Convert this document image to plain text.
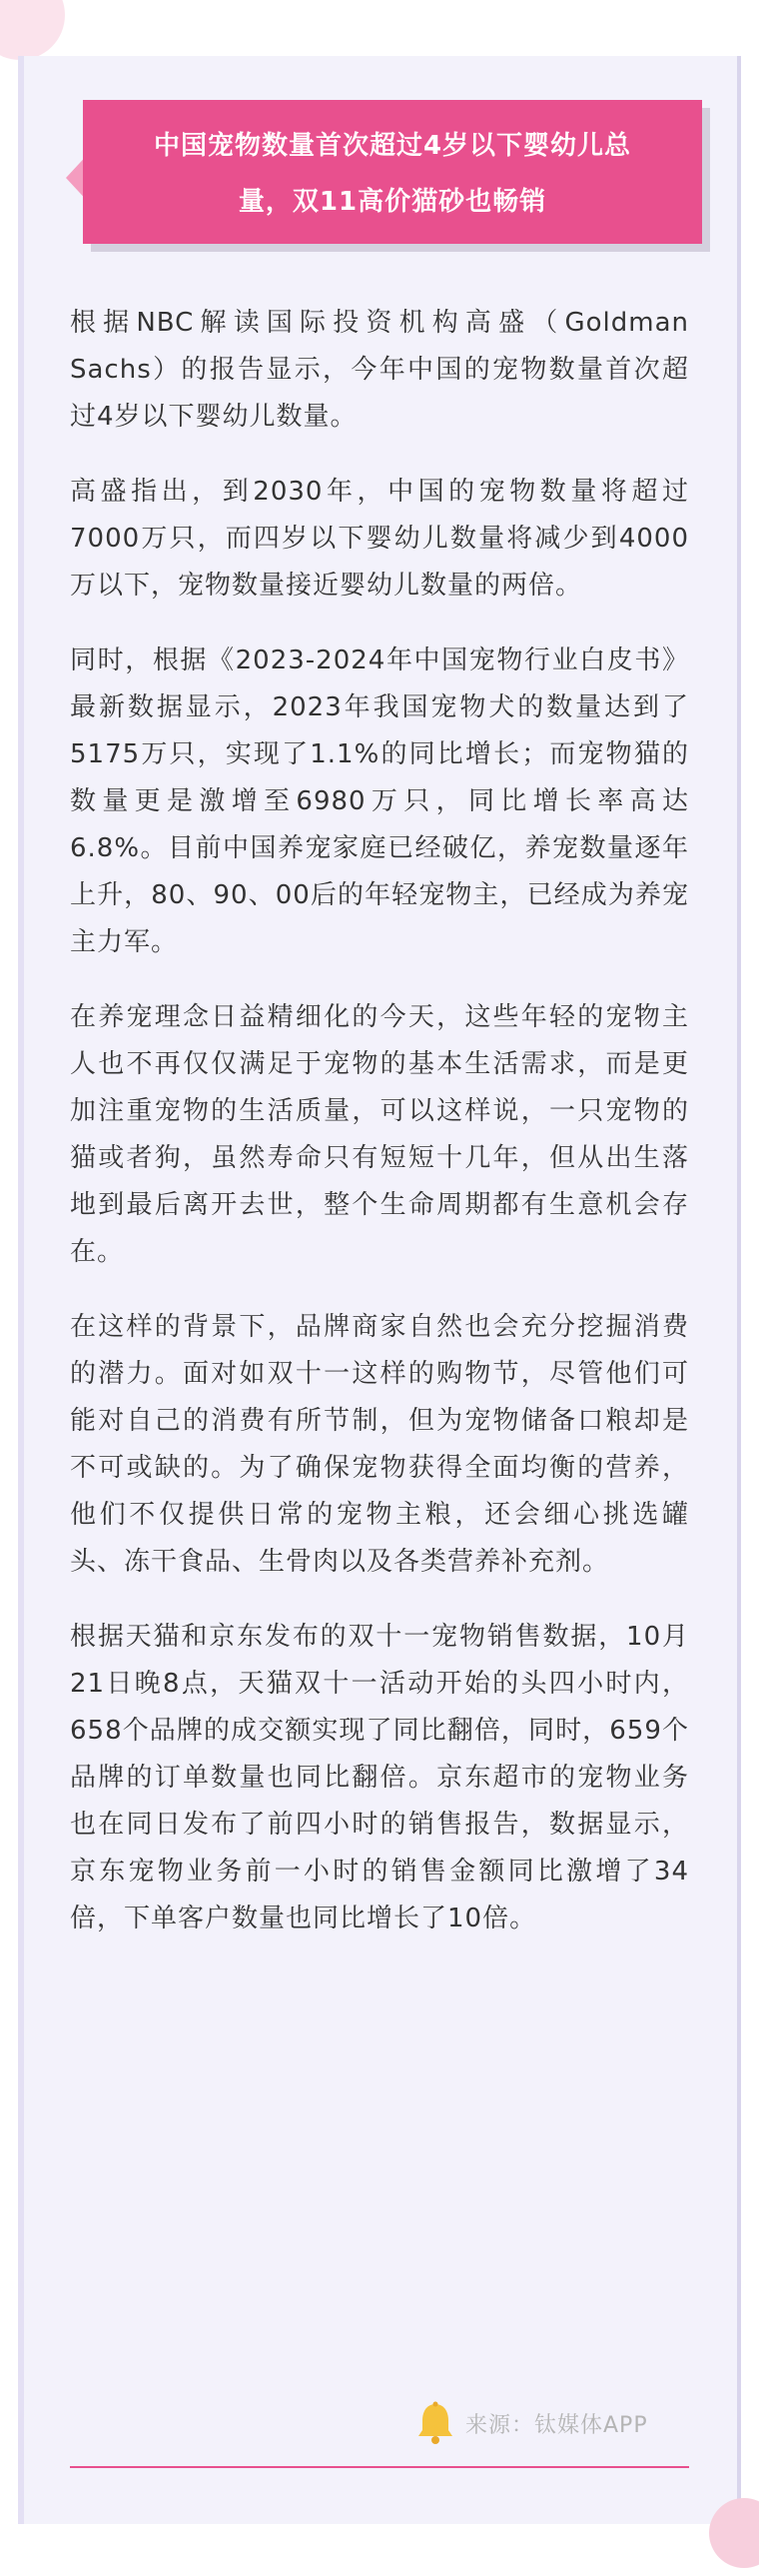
中国宠物数量首次超过4岁以下婴幼儿总量，双11高价猫砂也畅销

根据NBC解读国际投资机构高盛（Goldman Sachs）的报告显示，今年中国的宠物数量首次超过4岁以下婴幼儿数量。

高盛指出，到2030年，中国的宠物数量将超过7000万只，而四岁以下婴幼儿数量将减少到4000万以下，宠物数量接近婴幼儿数量的两倍。

同时，根据《2023-2024年中国宠物行业白皮书》最新数据显示，2023年我国宠物犬的数量达到了5175万只，实现了1.1%的同比增长；而宠物猫的数量更是激增至6980万只，同比增长率高达6.8%。目前中国养宠家庭已经破亿，养宠数量逐年上升，80、90、00后的年轻宠物主，已经成为养宠主力军。

在养宠理念日益精细化的今天，这些年轻的宠物主人也不再仅仅满足于宠物的基本生活需求，而是更加注重宠物的生活质量，可以这样说，一只宠物的猫或者狗，虽然寿命只有短短十几年，但从出生落地到最后离开去世，整个生命周期都有生意机会存在。

在这样的背景下，品牌商家自然也会充分挖掘消费的潜力。面对如双十一这样的购物节，尽管他们可能对自己的消费有所节制，但为宠物储备口粮却是不可或缺的。为了确保宠物获得全面均衡的营养，他们不仅提供日常的宠物主粮，还会细心挑选罐头、冻干食品、生骨肉以及各类营养补充剂。

根据天猫和京东发布的双十一宠物销售数据，10月21日晚8点，天猫双十一活动开始的头四小时内，658个品牌的成交额实现了同比翻倍，同时，659个品牌的订单数量也同比翻倍。京东超市的宠物业务也在同日发布了前四小时的销售报告，数据显示，京东宠物业务前一小时的销售金额同比激增了34倍，下单客户数量也同比增长了10倍。

来源：钛媒体APP
